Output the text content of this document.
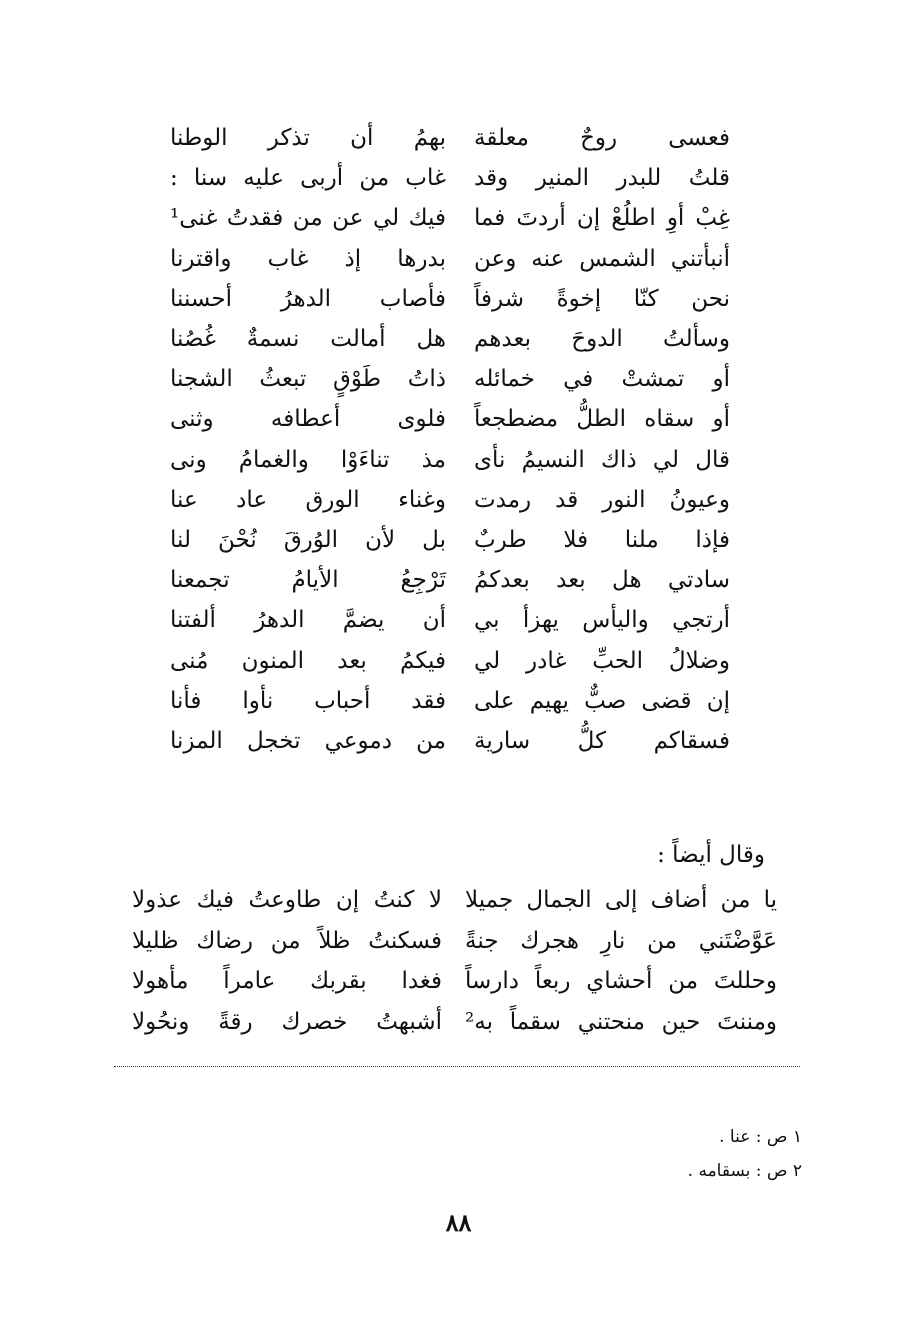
فعسى روحٌ معلقة
بهمُ أن تذكر الوطنا
قلتُ للبدر المنير وقد
غاب من أربى عليه سنا :
غِبْ أوِ اطلُعْ إن أردتَ فما
فيك لي عن من فقدتُ غنى¹
أنبأتني الشمس عنه وعن
بدرها إذ غاب واقترنا
نحن كنّا إخوةً شرفاً
فأصاب الدهرُ أحسننا
وسألتُ الدوحَ بعدهم
هل أمالت نسمةٌ غُصُنا
أو تمشتْ في خمائله
ذاتُ طَوْقٍ تبعثُ الشجنا
أو سقاه الطلُّ مضطجعاً
فلوى أعطافه وثنى
قال لي ذاك النسيمُ نأى
مذ تناءَوْا والغمامُ ونى
وعيونُ النور قد رمدت
وغناء الورق عاد عنا
فإذا ملنا فلا طربٌ
بل لأن الوُرقَ نُحْنَ لنا
سادتي هل بعد بعدكمُ
تَرْجِعُ الأيامُ تجمعنا
أرتجي واليأس يهزأ بي
أن يضمَّ الدهرُ ألفتنا
وضلالُ الحبِّ غادر لي
فيكمُ بعد المنون مُنى
إن قضى صبٌّ يهيم على
فقد أحباب نأوا فأنا
فسقاكم كلُّ سارية
من دموعي تخجل المزنا
وقال أيضاً :
يا من أضاف إلى الجمال جميلا
لا كنتُ إن طاوعتُ فيك عذولا
عَوَّضْتَني من نارِ هجرك جنةً
فسكنتُ ظلاً من رضاك ظليلا
وحللتَ من أحشاي ربعاً دارساً
فغدا بقربك عامراً مأهولا
ومننتَ حين منحتني سقماً به²
أشبهتُ خصرك رقةً ونحُولا
١ ص : عنا .
٢ ص : بسقامه .
٨٨
